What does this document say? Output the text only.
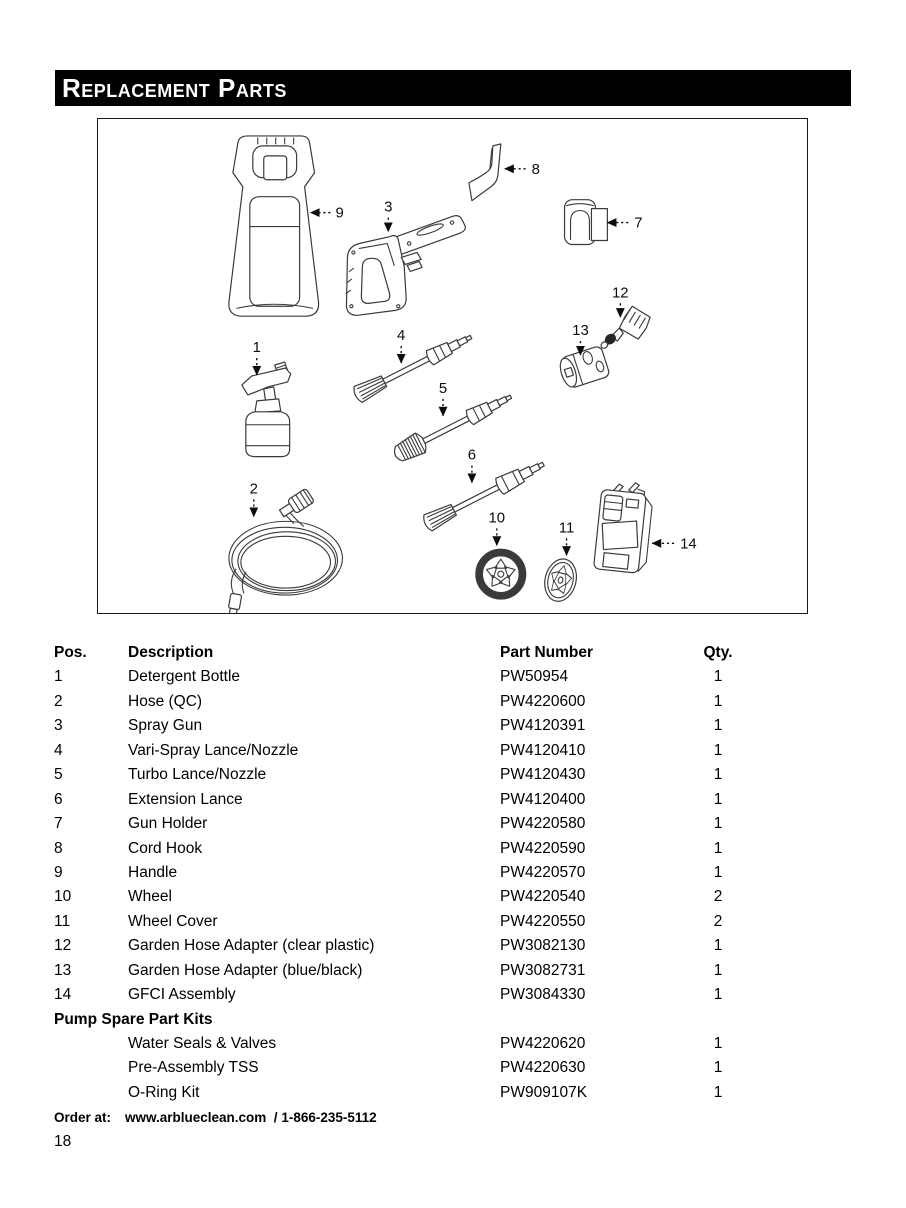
Replacement Parts
1
2
3
4
5
6
7
8
9
10
11
12
13
14
Pos.	Description	Part Number	Qty.
1	Detergent Bottle	PW50954	1
2	Hose (QC)	PW4220600	1
3	Spray Gun	PW4120391	1
4	Vari-Spray Lance/Nozzle	PW4120410	1
5	Turbo Lance/Nozzle	PW4120430	1
6	Extension Lance	PW4120400	1
7	Gun Holder	PW4220580	1
8	Cord Hook	PW4220590	1
9	Handle	PW4220570	1
10	Wheel	PW4220540	2
11	Wheel Cover	PW4220550	2
12	Garden Hose Adapter (clear plastic)	PW3082130	1
13	Garden Hose Adapter (blue/black)	PW3082731	1
14	GFCI Assembly	PW3084330	1
Pump Spare Part Kits
Water Seals & Valves	PW4220620	1
Pre-Assembly TSS	PW4220630	1
O-Ring Kit	PW909107K	1
Order at: www.arblueclean.com  / 1-866-235-5112
18
